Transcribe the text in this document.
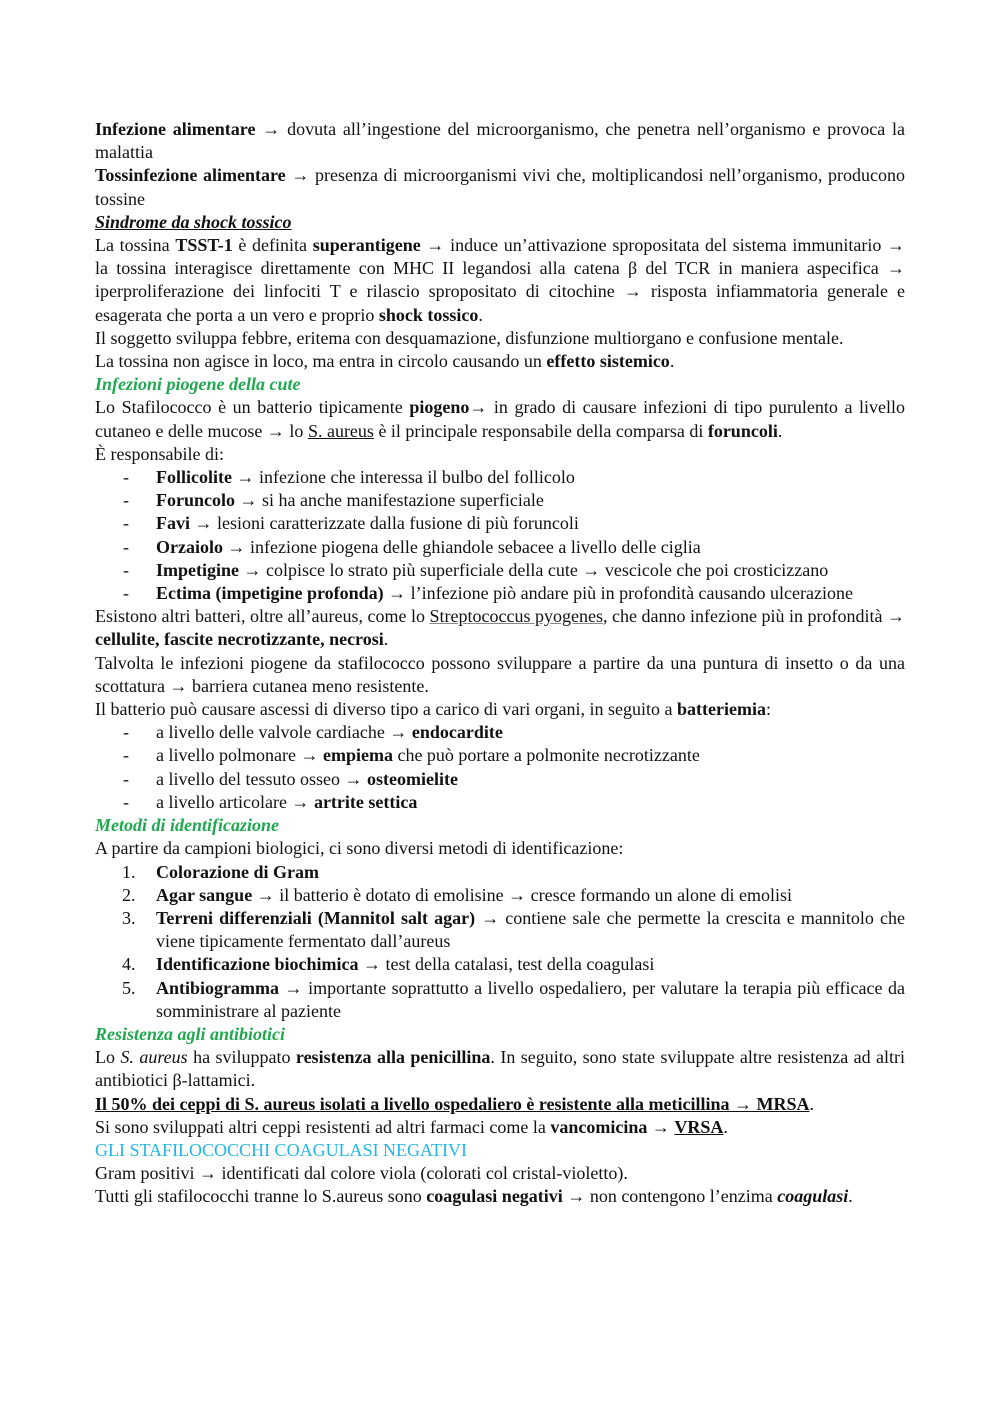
Infezione alimentare → dovuta all’ingestione del microorganismo, che penetra nell’organismo e provoca la malattia

Tossinfezione alimentare → presenza di microorganismi vivi che, moltiplicandosi nell’organismo, producono tossine

Sindrome da shock tossico

La tossina TSST-1 è definita superantigene → induce un’attivazione spropositata del sistema immunitario → la tossina interagisce direttamente con MHC II legandosi alla catena β del TCR in maniera aspecifica → iperproliferazione dei linfociti T e rilascio spropositato di citochine → risposta infiammatoria generale e esagerata che porta a un vero e proprio shock tossico.

Il soggetto sviluppa febbre, eritema con desquamazione, disfunzione multiorgano e confusione mentale.

La tossina non agisce in loco, ma entra in circolo causando un effetto sistemico.

Infezioni piogene della cute

Lo Stafilococco è un batterio tipicamente piogeno→ in grado di causare infezioni di tipo purulento a livello cutaneo e delle mucose → lo S. aureus è il principale responsabile della comparsa di foruncoli.

È responsabile di:

- Follicolite → infezione che interessa il bulbo del follicolo
- Foruncolo → si ha anche manifestazione superficiale
- Favi → lesioni caratterizzate dalla fusione di più foruncoli
- Orzaiolo → infezione piogena delle ghiandole sebacee a livello delle ciglia
- Impetigine → colpisce lo strato più superficiale della cute → vescicole che poi crosticizzano
- Ectima (impetigine profonda) → l’infezione piò andare più in profondità causando ulcerazione

Esistono altri batteri, oltre all’aureus, come lo Streptococcus pyogenes, che danno infezione più in profondità → cellulite, fascite necrotizzante, necrosi.

Talvolta le infezioni piogene da stafilococco possono sviluppare a partire da una puntura di insetto o da una scottatura → barriera cutanea meno resistente.

Il batterio può causare ascessi di diverso tipo a carico di vari organi, in seguito a batteriemia:

- a livello delle valvole cardiache → endocardite
- a livello polmonare → empiema che può portare a polmonite necrotizzante
- a livello del tessuto osseo → osteomielite
- a livello articolare → artrite settica

Metodi di identificazione

A partire da campioni biologici, ci sono diversi metodi di identificazione:

1. Colorazione di Gram
2. Agar sangue → il batterio è dotato di emolisine → cresce formando un alone di emolisi
3. Terreni differenziali (Mannitol salt agar) → contiene sale che permette la crescita e mannitolo che viene tipicamente fermentato dall’aureus
4. Identificazione biochimica → test della catalasi, test della coagulasi
5. Antibiogramma → importante soprattutto a livello ospedaliero, per valutare la terapia più efficace da somministrare al paziente

Resistenza agli antibiotici

Lo S. aureus ha sviluppato resistenza alla penicillina. In seguito, sono state sviluppate altre resistenza ad altri antibiotici β-lattamici.

Il 50% dei ceppi di S. aureus isolati a livello ospedaliero è resistente alla meticillina → MRSA.

Si sono sviluppati altri ceppi resistenti ad altri farmaci come la vancomicina → VRSA.

GLI STAFILOCOCCHI COAGULASI NEGATIVI

Gram positivi → identificati dal colore viola (colorati col cristal-violetto).

Tutti gli stafilococchi tranne lo S.aureus sono coagulasi negativi → non contengono l’enzima coagulasi.
